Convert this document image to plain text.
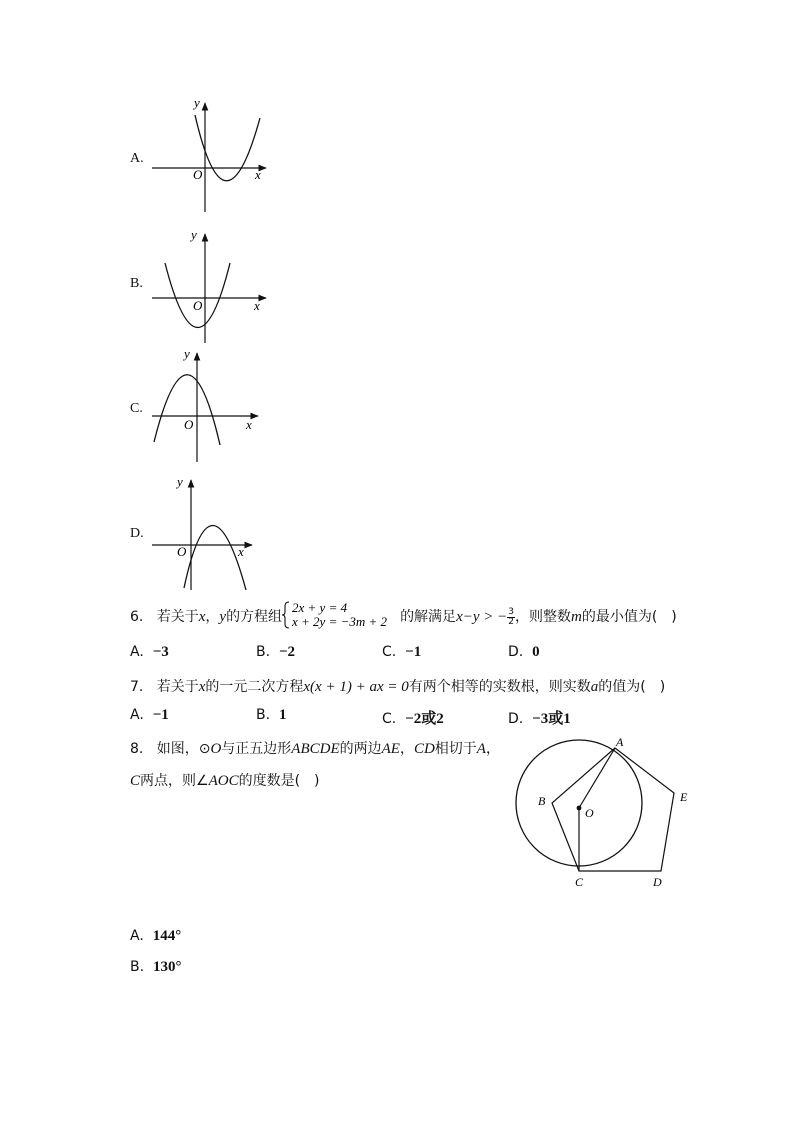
A.
y
x
O
B.
y
x
O
C.
y
x
O
D.
y
x
O
6. 若关于x，y的方程组
2x + y = 4
x + 2y = −3m + 2 的解满足x−y > − $\frac{3}{2}$ ，则整数m的最小值为(　)
A. −3	B. −2	C. −1	D. 0
7. 若关于x的一元二次方程x(x + 1) + ax = 0有两个相等的实数根，则实数a的值为(　)
A. −1	B. 1	C. −2或2	D. −3或1
8. 如图，⊙O与正五边形ABCDE的两边AE，CD相切于A，
C两点，则∠AOC的度数是(　)
A
B
C	D
E
O
A. 144°
B. 130°
